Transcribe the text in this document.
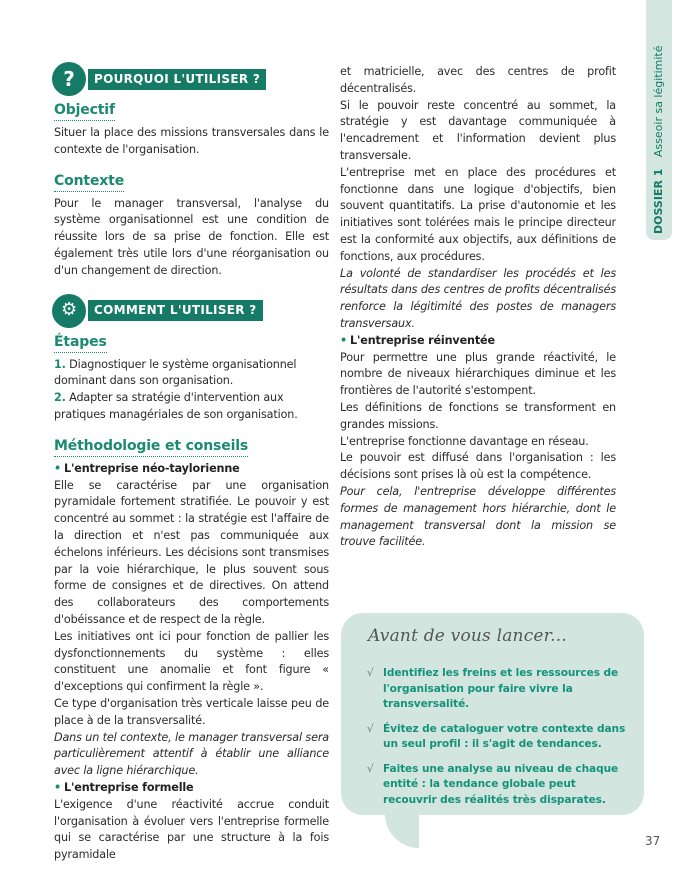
DOSSIER 1 Asseoir sa légitimité
?	POURQUOI L'UTILISER ?
Objectif

Situer la place des missions transversales dans le contexte de l'organisation.

Contexte

Pour le manager transversal, l'analyse du système organisationnel est une condition de réussite lors de sa prise de fonction. Elle est également très utile lors d'une réorganisation ou d'un changement de direction.

⚙	COMMENT L'UTILISER ?
Étapes

1. Diagnostiquer le système organisationnel dominant dans son organisation.

2. Adapter sa stratégie d'intervention aux pratiques managériales de son organisation.

Méthodologie et conseils
• L'entreprise néo-taylorienne

Elle se caractérise par une organisation pyramidale fortement stratifiée. Le pouvoir y est concentré au sommet : la stratégie est l'affaire de la direction et n'est pas communiquée aux échelons inférieurs. Les décisions sont transmises par la voie hiérarchique, le plus souvent sous forme de consignes et de directives. On attend des collaborateurs des comportements d'obéissance et de respect de la règle.

Les initiatives ont ici pour fonction de pallier les dysfonctionnements du système : elles constituent une anomalie et font figure « d'exceptions qui confirment la règle ».

Ce type d'organisation très verticale laisse peu de place à de la transversalité.

Dans un tel contexte, le manager transversal sera particulièrement attentif à établir une alliance avec la ligne hiérarchique.

• L'entreprise formelle

L'exigence d'une réactivité accrue conduit l'organisation à évoluer vers l'entreprise formelle qui se caractérise par une structure à la fois pyramidale

et matricielle, avec des centres de profit décentralisés.

Si le pouvoir reste concentré au sommet, la stratégie y est davantage communiquée à l'encadrement et l'information devient plus transversale.

L'entreprise met en place des procédures et fonctionne dans une logique d'objectifs, bien souvent quantitatifs. La prise d'autonomie et les initiatives sont tolérées mais le principe directeur est la conformité aux objectifs, aux définitions de fonctions, aux procédures.

La volonté de standardiser les procédés et les résultats dans des centres de profits décentralisés renforce la légitimité des postes de managers transversaux.

• L'entreprise réinventée

Pour permettre une plus grande réactivité, le nombre de niveaux hiérarchiques diminue et les frontières de l'autorité s'estompent.

Les définitions de fonctions se transforment en grandes missions.

L'entreprise fonctionne davantage en réseau.

Le pouvoir est diffusé dans l'organisation : les décisions sont prises là où est la compétence.

Pour cela, l'entreprise développe différentes formes de management hors hiérarchie, dont le management transversal dont la mission se trouve facilitée.

Avant de vous lancer...
√ Identifiez les freins et les ressources de l'organisation pour faire vivre la transversalité.
√ Évitez de cataloguer votre contexte dans un seul profil : il s'agit de tendances.
√ Faites une analyse au niveau de chaque entité : la tendance globale peut recouvrir des réalités très disparates.
37
